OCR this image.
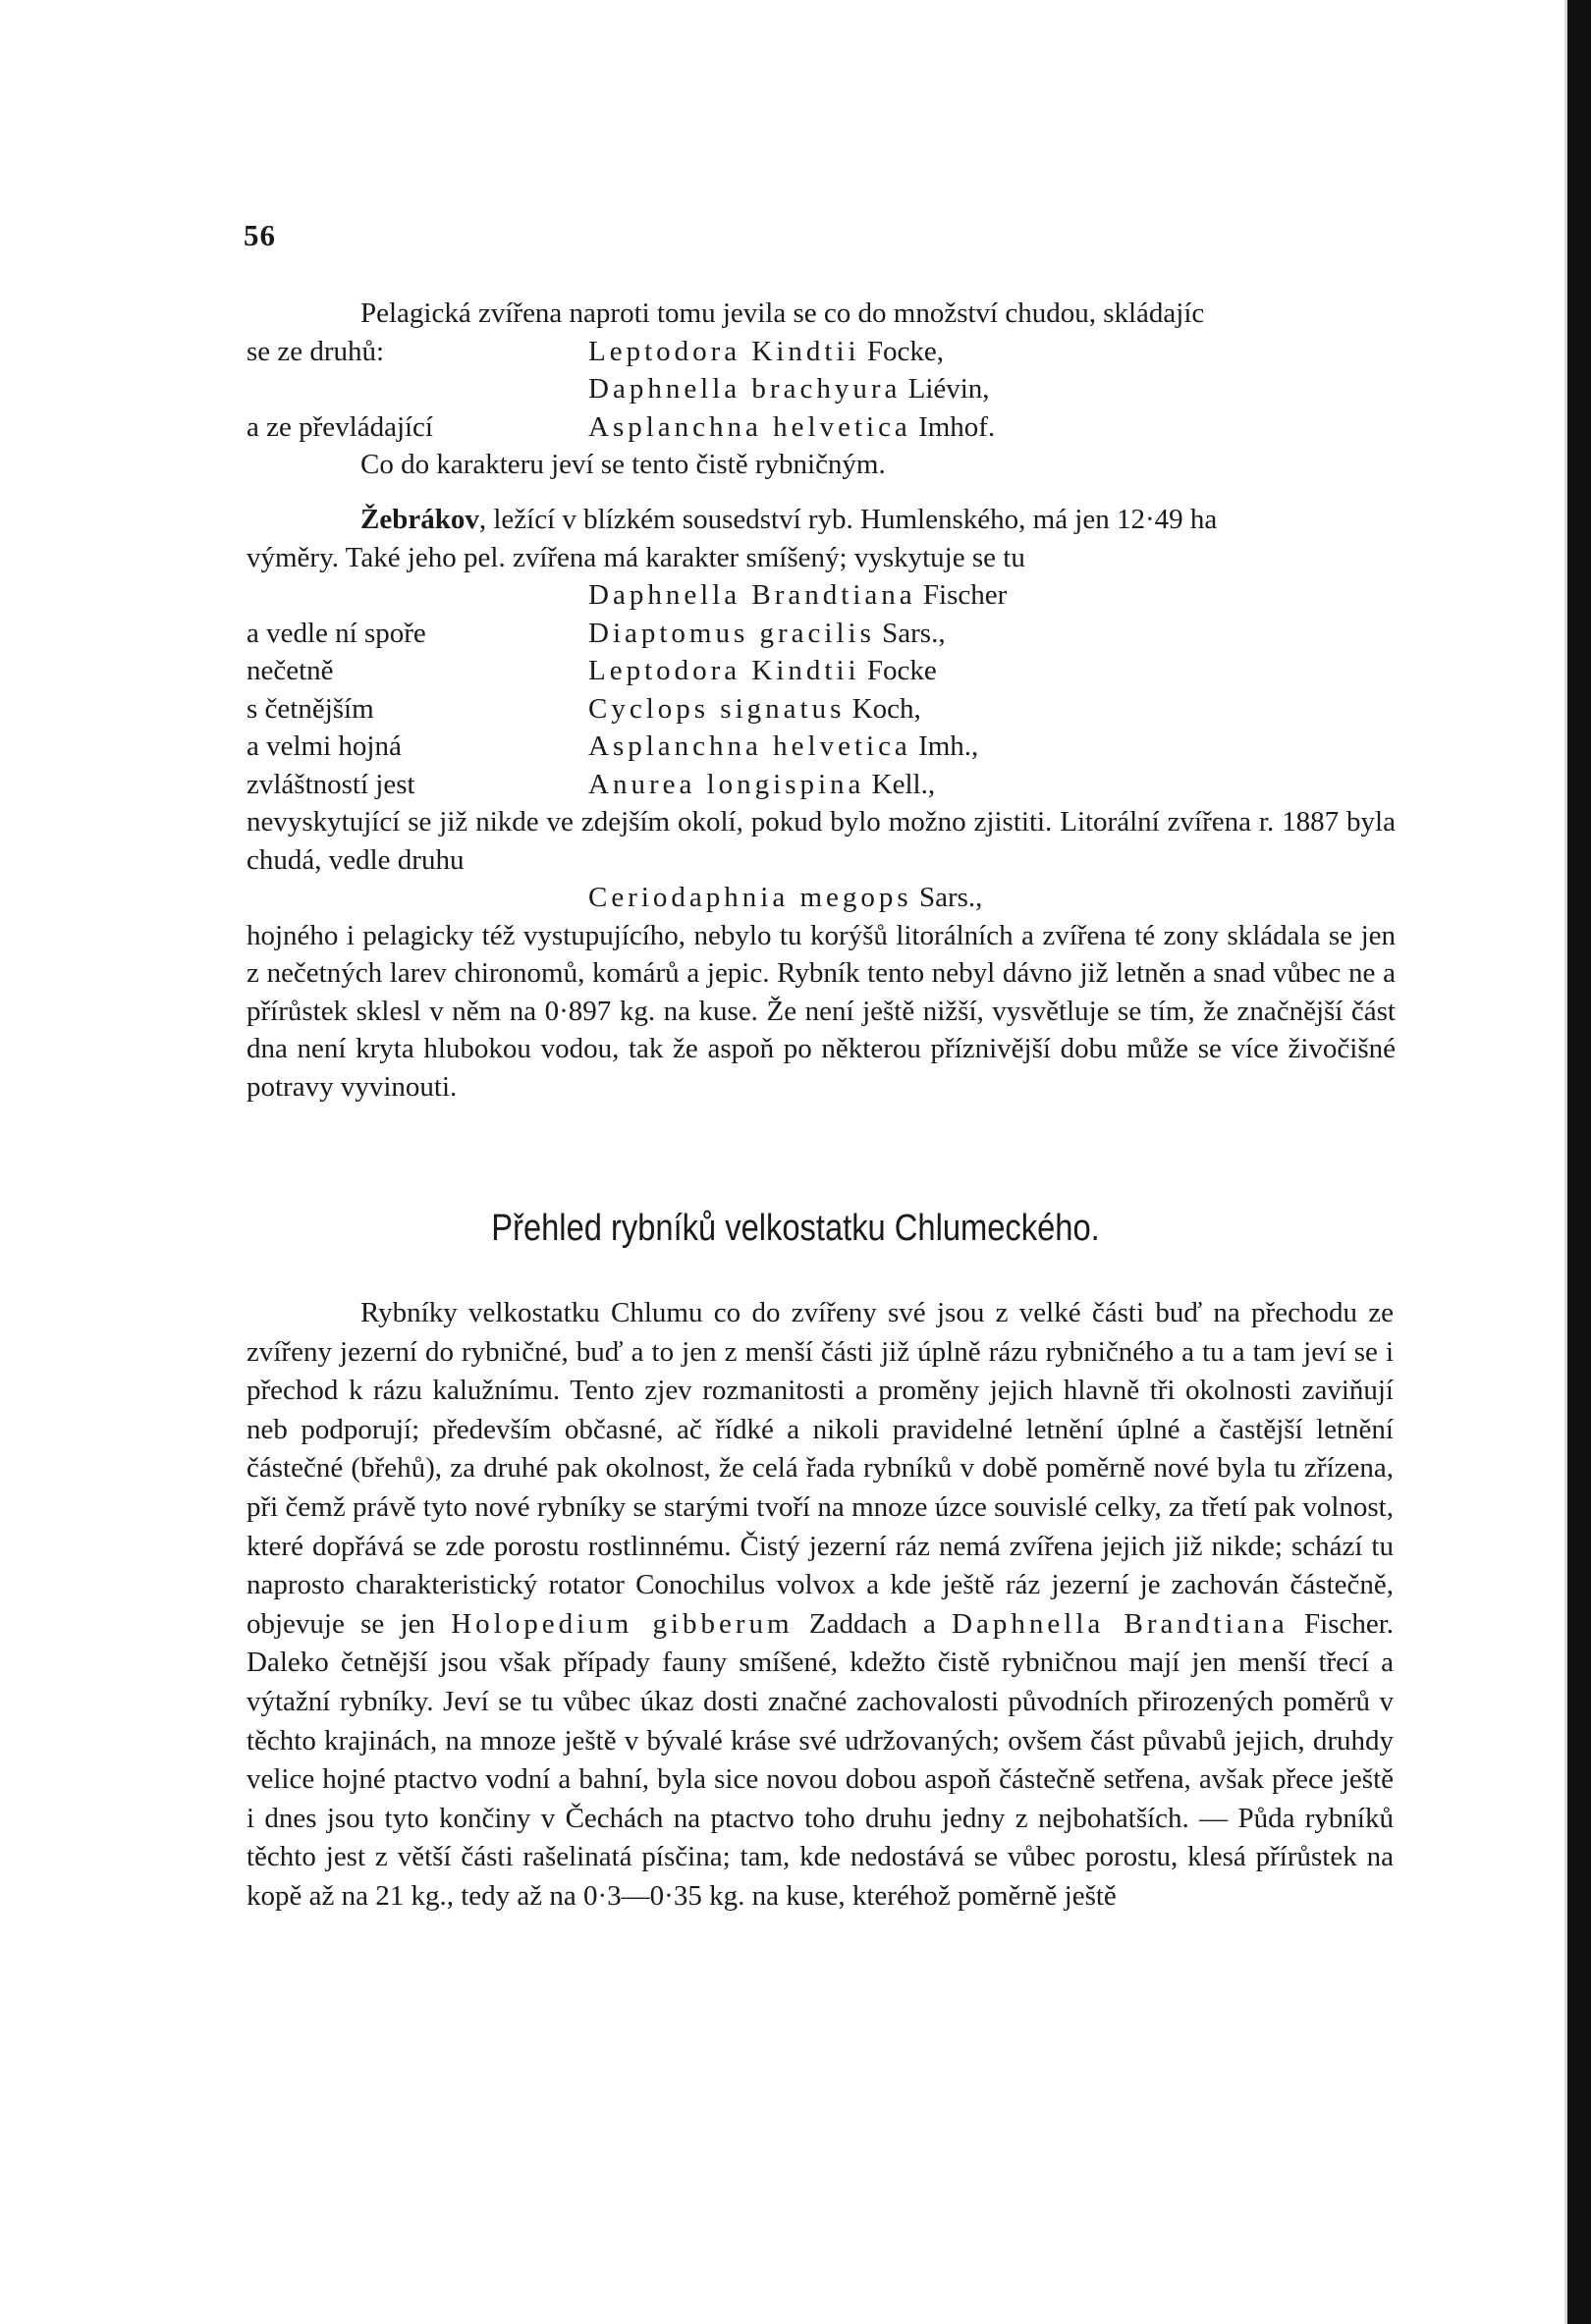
56

Pelagická zvířena naproti tomu jevila se co do množství chudou, skládajíc

se ze druhů:	Leptodora Kindtii Focke,

Daphnella brachyura Liévin,

a ze převládající	Asplanchna helvetica Imhof.

Co do karakteru jeví se tento čistě rybničným.

Žebrákov, ležící v blízkém sousedství ryb. Humlenského, má jen 12·49 ha

výměry. Také jeho pel. zvířena má karakter smíšený; vyskytuje se tu

Daphnella Brandtiana Fischer

a vedle ní spoře	Diaptomus gracilis Sars.,

nečetně	Leptodora Kindtii Focke

s četnějším	Cyclops signatus Koch,

a velmi hojná	Asplanchna helvetica Imh.,

zvláštností jest	Anurea longispina Kell.,

nevyskytující se již nikde ve zdejším okolí, pokud bylo možno zjistiti. Litorální zvířena r. 1887 byla chudá, vedle druhu

Ceriodaphnia megops Sars.,

hojného i pelagicky též vystupujícího, nebylo tu korýšů litorálních a zvířena té zony skládala se jen z nečetných larev chironomů, komárů a jepic. Rybník tento nebyl dávno již letněn a snad vůbec ne a přírůstek sklesl v něm na 0·897 kg. na kuse. Že není ještě nižší, vysvětluje se tím, že značnější část dna není kryta hlubokou vodou, tak že aspoň po některou příznivější dobu může se více živočišné potravy vyvinouti.

Přehled rybníků velkostatku Chlumeckého.

Rybníky velkostatku Chlumu co do zvířeny své jsou z velké části buď na přechodu ze zvířeny jezerní do rybničné, buď a to jen z menší části již úplně rázu rybničného a tu a tam jeví se i přechod k rázu kalužnímu. Tento zjev rozmanitosti a proměny jejich hlavně tři okolnosti zaviňují neb podporují; především občasné, ač řídké a nikoli pravidelné letnění úplné a častější letnění částečné (břehů), za druhé pak okolnost, že celá řada rybníků v době poměrně nové byla tu zřízena, při čemž právě tyto nové rybníky se starými tvoří na mnoze úzce souvislé celky, za třetí pak volnost, které dopřává se zde porostu rostlinnému. Čistý jezerní ráz nemá zvířena jejich již nikde; schází tu naprosto charakteristický rotator Conochilus volvox a kde ještě ráz jezerní je zachován částečně, objevuje se jen Holopedium gibberum Zaddach a Daphnella Brandtiana Fischer. Daleko četnější jsou však případy fauny smíšené, kdežto čistě rybničnou mají jen menší třecí a výtažní rybníky. Jeví se tu vůbec úkaz dosti značné zachovalosti původních přirozených poměrů v těchto krajinách, na mnoze ještě v bývalé kráse své udržovaných; ovšem část půvabů jejich, druhdy velice hojné ptactvo vodní a bahní, byla sice novou dobou aspoň částečně setřena, avšak přece ještě i dnes jsou tyto končiny v Čechách na ptactvo toho druhu jedny z nejbohatších. — Půda rybníků těchto jest z větší části rašelinatá písčina; tam, kde nedostává se vůbec porostu, klesá přírůstek na kopě až na 21 kg., tedy až na 0·3—0·35 kg. na kuse, kteréhož poměrně ještě
